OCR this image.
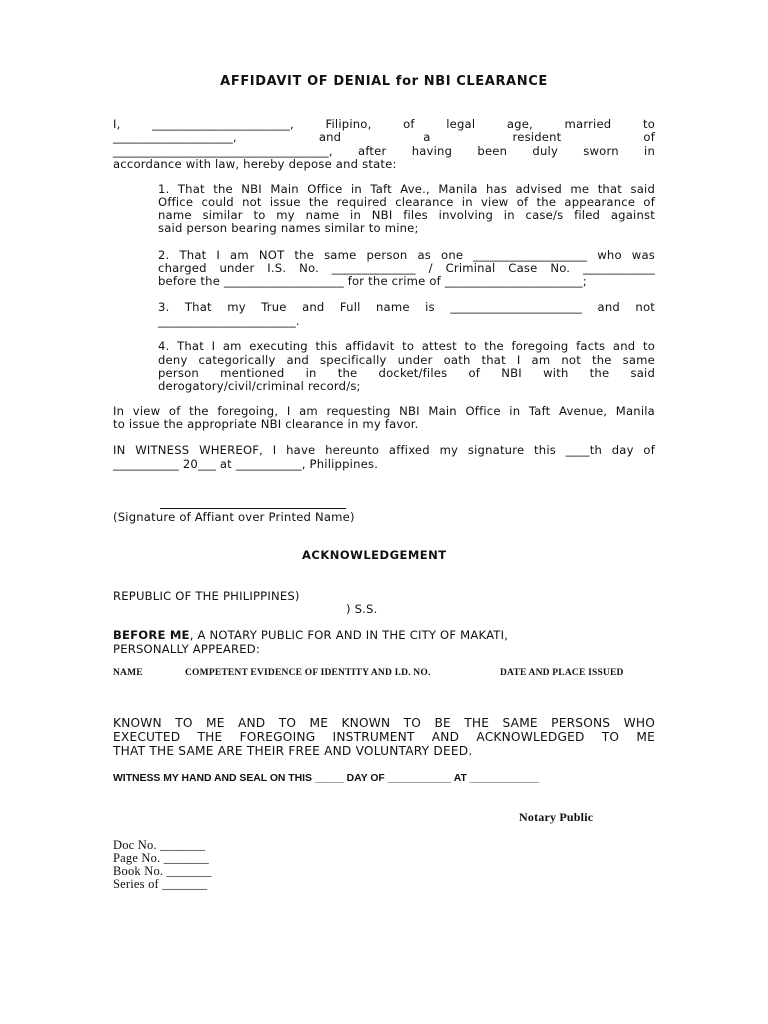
AFFIDAVIT OF DENIAL for NBI CLEARANCE
I, _______________________, Filipino, of legal age, married to
____________________, and a resident of
____________________________________, after having been duly sworn in
accordance with law, hereby depose and state:
1. That the NBI Main Office in Taft Ave., Manila has advised me that said
Office could not issue the required clearance in view of the appearance of
name similar to my name in NBI files involving in case/s filed against
said person bearing names similar to mine;
2. That I am NOT the same person as one ___________________ who was
charged under I.S. No. ______________ / Criminal Case No. ____________
before the ____________________ for the crime of _______________________;
3. That my True and Full name is ______________________ and not
_______________________.
4. That I am executing this affidavit to attest to the foregoing facts and to
deny categorically and specifically under oath that I am not the same
person mentioned in the docket/files of NBI with the said
derogatory/civil/criminal record/s;
In view of the foregoing, I am requesting NBI Main Office in Taft Avenue, Manila
to issue the appropriate NBI clearance in my favor.
IN WITNESS WHEREOF, I have hereunto affixed my signature this ____th day of
___________ 20___ at ___________, Philippines.
(Signature of Affiant over Printed Name)
ACKNOWLEDGEMENT
REPUBLIC OF THE PHILIPPINES)
) S.S.
BEFORE ME, A NOTARY PUBLIC FOR AND IN THE CITY OF MAKATI,
PERSONALLY APPEARED:
NAME	COMPETENT EVIDENCE OF IDENTITY AND I.D. NO.	DATE AND PLACE ISSUED
KNOWN TO ME AND TO ME KNOWN TO BE THE SAME PERSONS WHO
EXECUTED THE FOREGOING INSTRUMENT AND ACKNOWLEDGED TO ME
THAT THE SAME ARE THEIR FREE AND VOLUNTARY DEED.
WITNESS MY HAND AND SEAL ON THIS _____ DAY OF ___________ AT ____________
Notary Public
Doc No. _______
Page No. _______
Book No. _______
Series of _______
